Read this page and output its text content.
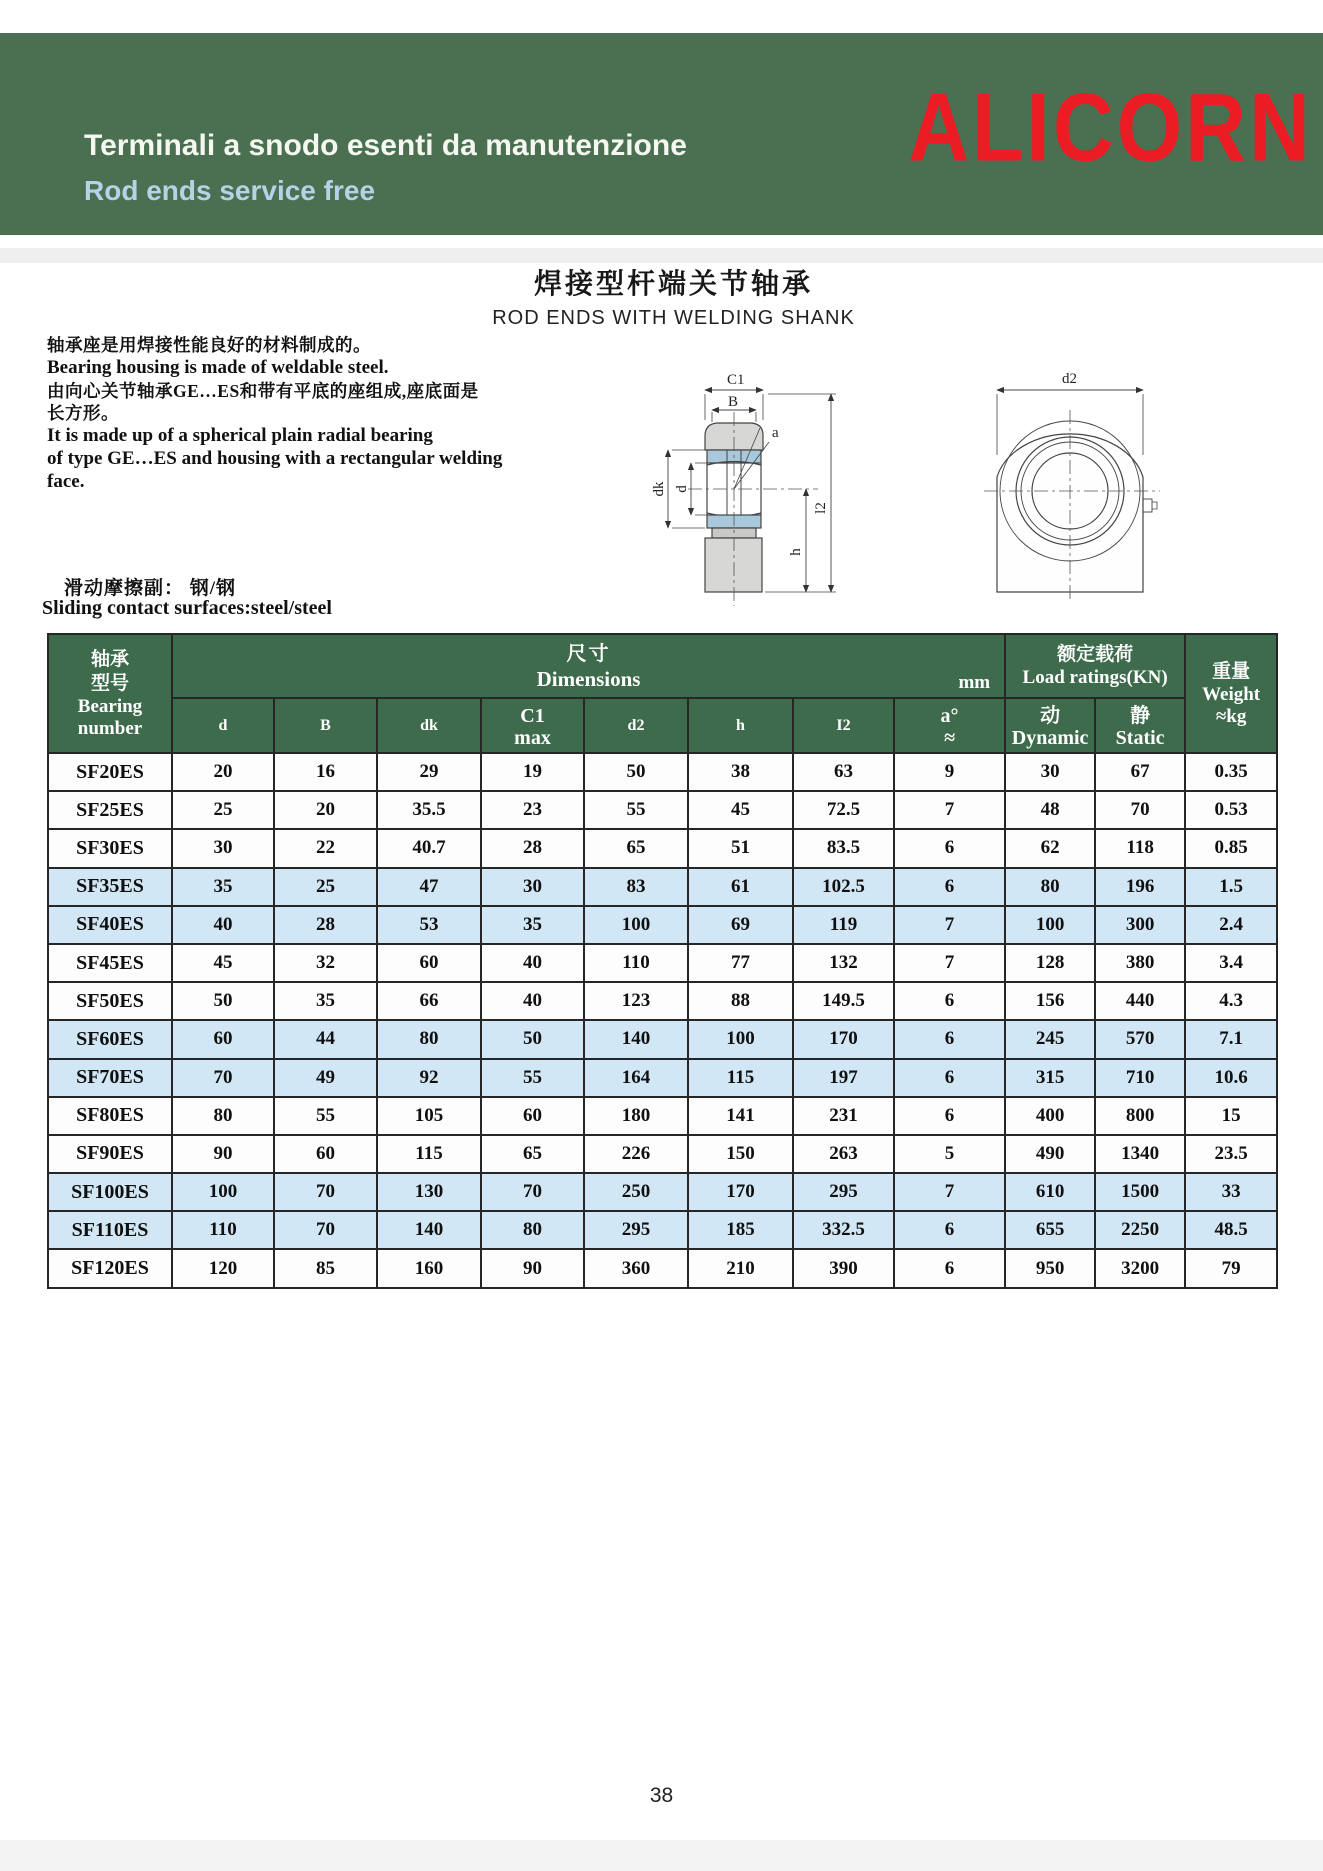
Terminali a snodo esenti da manutenzione
Rod ends service free
ALICORN
焊接型杆端关节轴承
ROD ENDS WITH WELDING SHANK
轴承座是用焊接性能良好的材料制成的。
Bearing housing is made of weldable steel.
由向心关节轴承GE…ES和带有平底的座组成,座底面是
长方形。
It is made up of a spherical plain radial bearing
of type GE…ES and housing with a rectangular welding
face.
滑动摩擦副： 钢/钢
Sliding contact surfaces:steel/steel
C1
B
a
dk d
l2
h
d2
轴承
型号
Bearing
number

尺寸
Dimensions	mm

额定载荷
Load ratings(KN)	重量
Weight
≈kg

d	B	dk	C1
max
	d2	h	I2	a°
≈

动
Dynamic

静
Static

SF20ES	20	16	29	19	50	38	63	9	30	67	0.35
SF25ES	25	20	35.5	23	55	45	72.5	7	48	70	0.53
SF30ES	30	22	40.7	28	65	51	83.5	6	62	118	0.85
SF35ES	35	25	47	30	83	61	102.5	6	80	196	1.5
SF40ES	40	28	53	35	100	69	119	7	100	300	2.4
SF45ES	45	32	60	40	110	77	132	7	128	380	3.4
SF50ES	50	35	66	40	123	88	149.5	6	156	440	4.3
SF60ES	60	44	80	50	140	100	170	6	245	570	7.1
SF70ES	70	49	92	55	164	115	197	6	315	710	10.6
SF80ES	80	55	105	60	180	141	231	6	400	800	15
SF90ES	90	60	115	65	226	150	263	5	490	1340	23.5
SF100ES	100	70	130	70	250	170	295	7	610	1500	33
SF110ES	110	70	140	80	295	185	332.5	6	655	2250	48.5
SF120ES	120	85	160	90	360	210	390	6	950	3200	79
38
